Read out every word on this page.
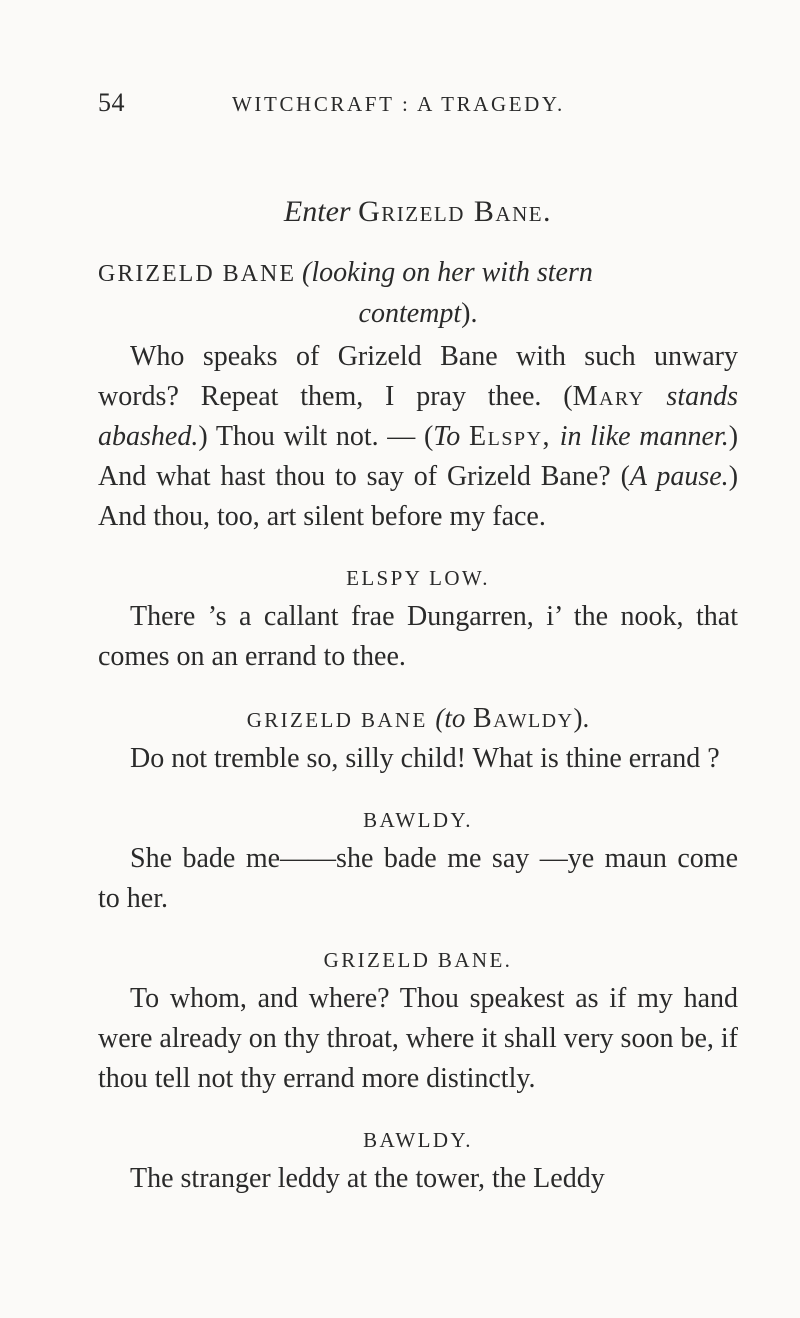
54	WITCHCRAFT : A TRAGEDY.
Enter Grizeld Bane.
GRIZELD BANE (looking on her with stern
contempt).

Who speaks of Grizeld Bane with such unwary words? Repeat them, I pray thee. (Mary stands abashed.) Thou wilt not. — (To Elspy, in like manner.) And what hast thou to say of Grizeld Bane? (A pause.) And thou, too, art silent before my face.

ELSPY LOW.

There ’s a callant frae Dungarren, i’ the nook, that comes on an errand to thee.

GRIZELD BANE (to Bawldy).

Do not tremble so, silly child! What is thine errand ?

BAWLDY.

She bade me——she bade me say —ye maun come to her.

GRIZELD BANE.

To whom, and where? Thou speakest as if my hand were already on thy throat, where it shall very soon be, if thou tell not thy errand more distinctly.

BAWLDY.

The stranger leddy at the tower, the Leddy
